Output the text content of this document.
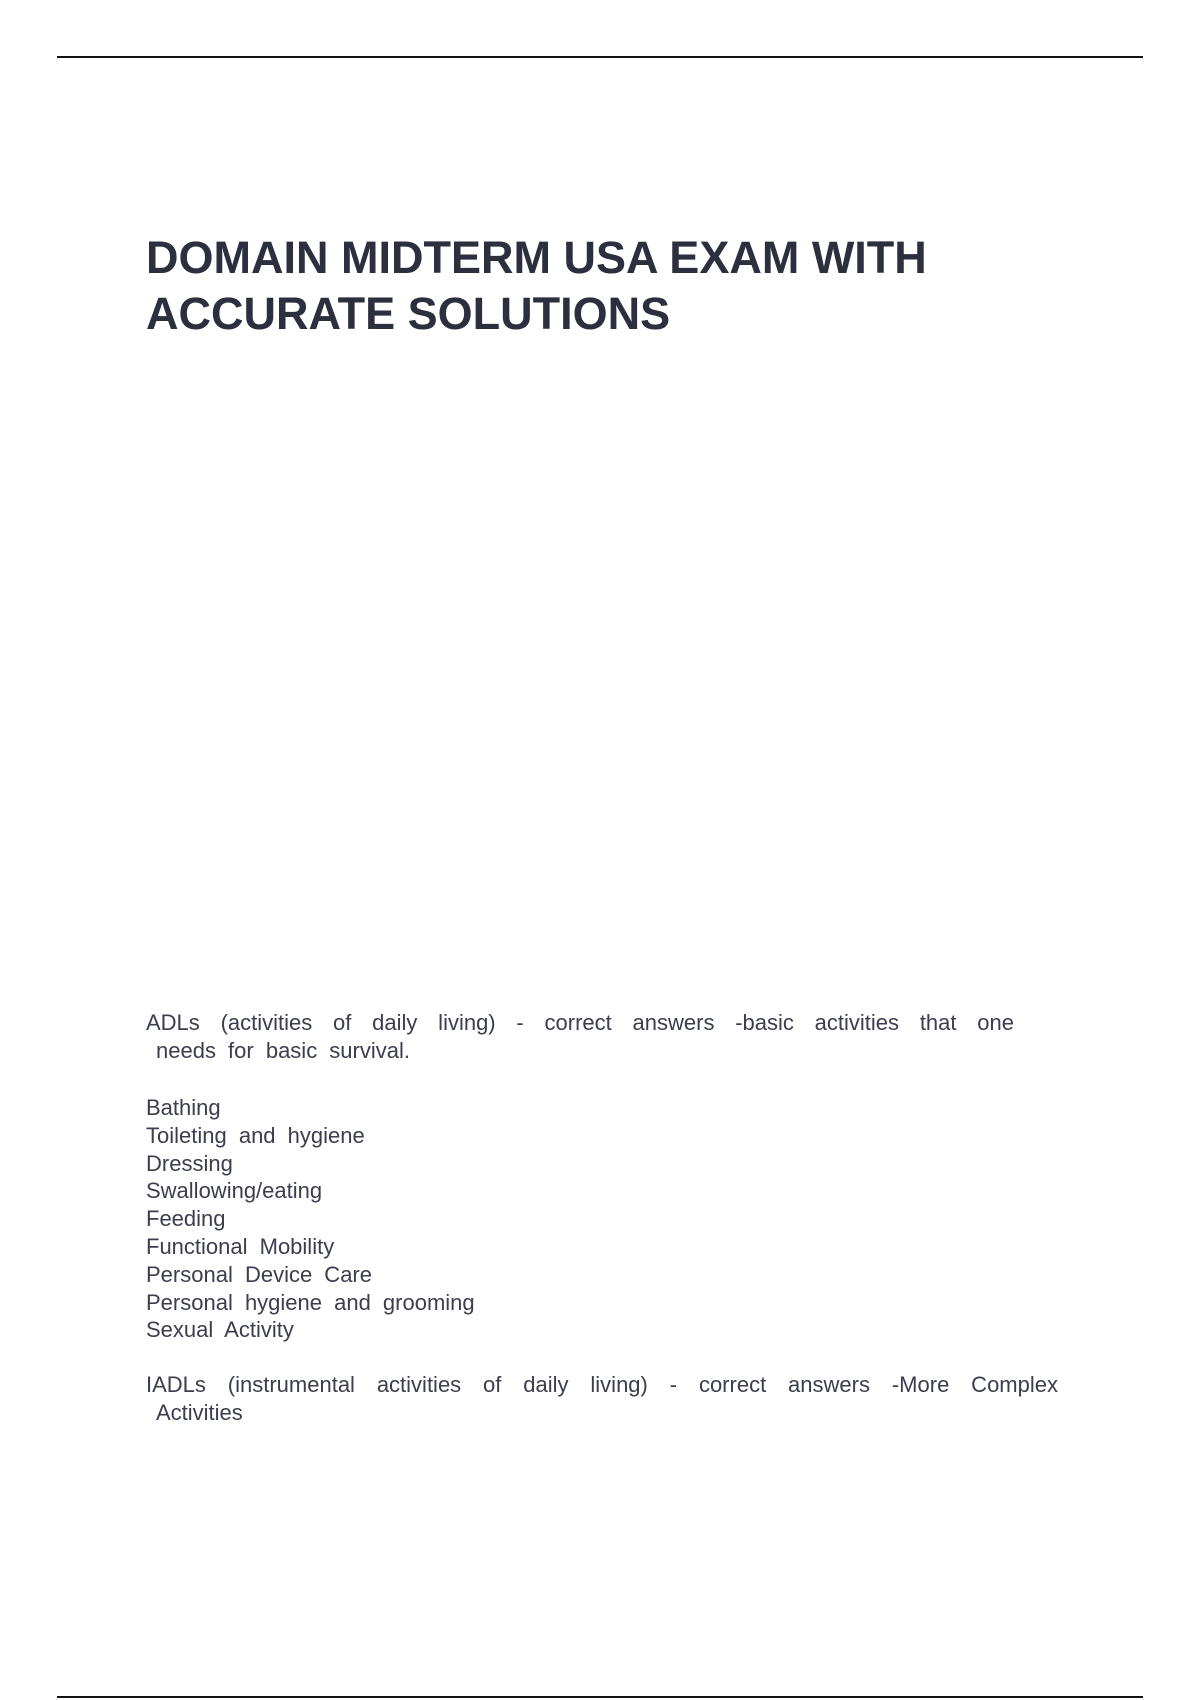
DOMAIN MIDTERM USA EXAM WITH
ACCURATE SOLUTIONS
ADLs (activities of daily living) - correct answers -basic activities that one
needs for basic survival.
Bathing
Toileting and hygiene
Dressing
Swallowing/eating
Feeding
Functional Mobility
Personal Device Care
Personal hygiene and grooming
Sexual Activity
IADLs (instrumental activities of daily living) - correct answers -More Complex
Activities
